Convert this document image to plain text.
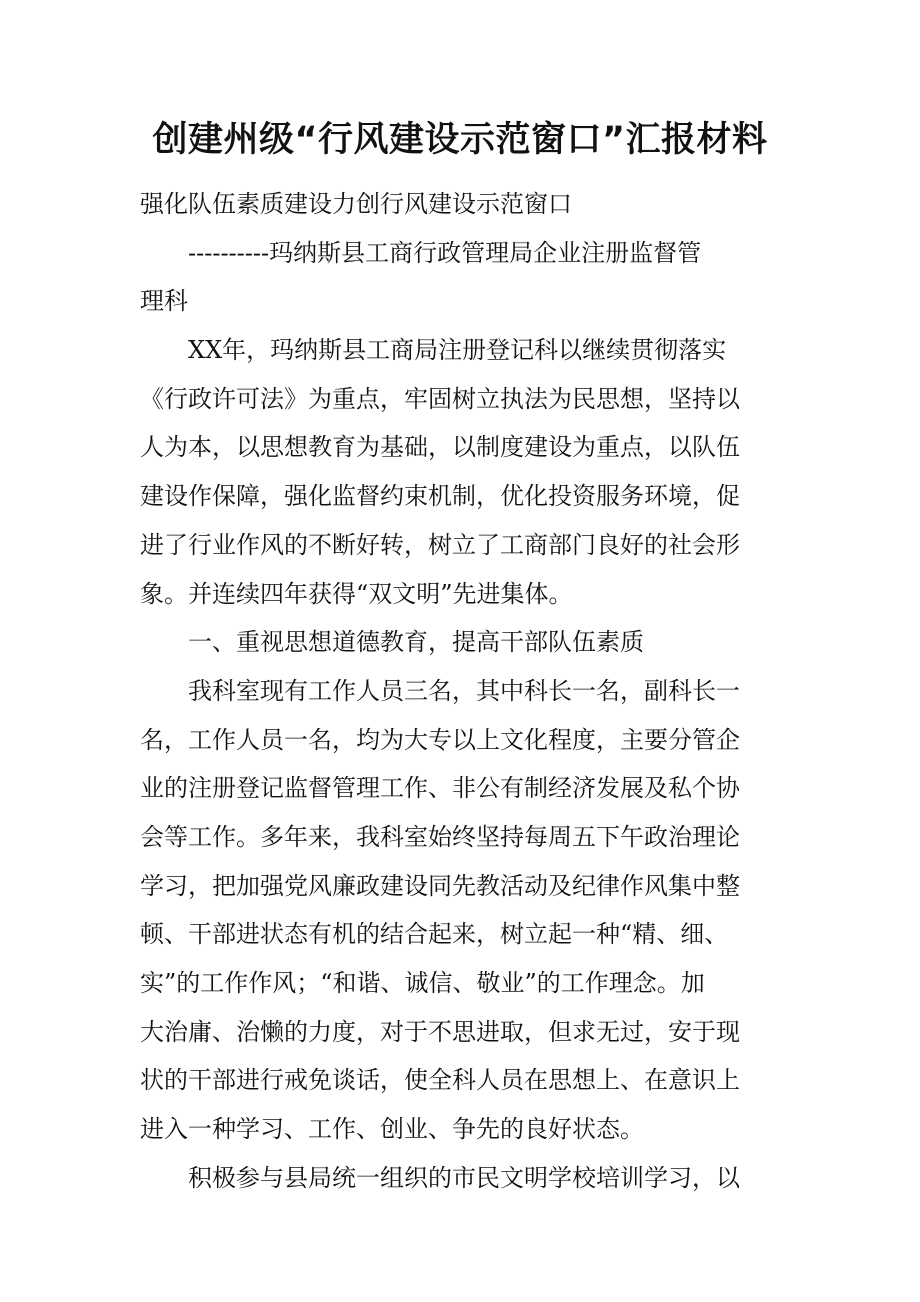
创建州级“行风建设示范窗口”汇报材料

强化队伍素质建设力创行风建设示范窗口

----------玛纳斯县工商行政管理局企业注册监督管

理科

XX年，玛纳斯县工商局注册登记科以继续贯彻落实

《行政许可法》为重点，牢固树立执法为民思想，坚持以

人为本，以思想教育为基础，以制度建设为重点，以队伍

建设作保障，强化监督约束机制，优化投资服务环境，促

进了行业作风的不断好转，树立了工商部门良好的社会形

象。并连续四年获得“双文明”先进集体。

一、重视思想道德教育，提高干部队伍素质

我科室现有工作人员三名，其中科长一名，副科长一

名，工作人员一名，均为大专以上文化程度，主要分管企

业的注册登记监督管理工作、非公有制经济发展及私个协

会等工作。多年来，我科室始终坚持每周五下午政治理论

学习，把加强党风廉政建设同先教活动及纪律作风集中整

顿、干部进状态有机的结合起来，树立起一种“精、细、

实”的工作作风；“和谐、诚信、敬业”的工作理念。加

大治庸、治懒的力度，对于不思进取，但求无过，安于现

状的干部进行戒免谈话，使全科人员在思想上、在意识上

进入一种学习、工作、创业、争先的良好状态。

积极参与县局统一组织的市民文明学校培训学习，以
